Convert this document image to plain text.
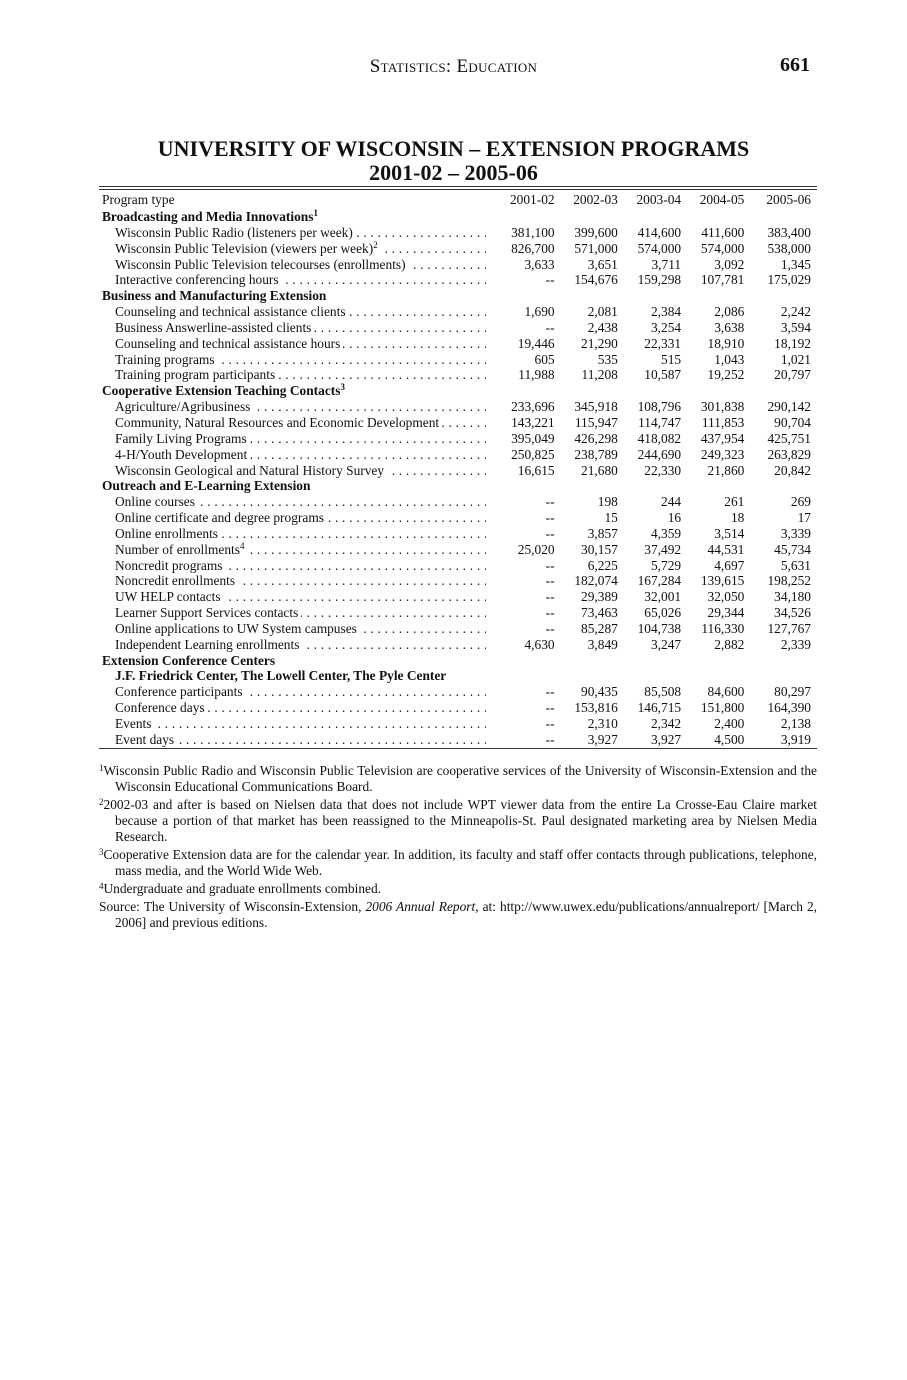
Statistics: Education	661
UNIVERSITY OF WISCONSIN – EXTENSION PROGRAMS
2001-02 – 2005-06
Program type	2001-02	2002-03	2003-04	2004-05	2005-06
Broadcasting and Media Innovations$^1$

Wisconsin Public Radio (listeners per week) . . .	381,100	399,600	414,600	411,600	383,400

Wisconsin Public Television (viewers per week)$^2$ . . .	826,700	571,000	574,000	574,000	538,000

Wisconsin Public Television telecourses (enrollments) . . .	3,633	3,651	3,711	3,092	1,345

Interactive conferencing hours . . .	--	154,676	159,298	107,781	175,029
Business and Manufacturing Extension					

Counseling and technical assistance clients . . .	1,690	2,081	2,384	2,086	2,242

Business Answerline-assisted clients . . .	--	2,438	3,254	3,638	3,594

Counseling and technical assistance hours . . .	19,446	21,290	22,331	18,910	18,192

Training programs . . .	605	535	515	1,043	1,021

Training program participants . . .	11,988	11,208	10,587	19,252	20,797
Cooperative Extension Teaching Contacts$^3$

Agriculture/Agribusiness . . .	233,696	345,918	108,796	301,838	290,142

Community, Natural Resources and Economic Development . . .	143,221	115,947	114,747	111,853	90,704

Family Living Programs . . .	395,049	426,298	418,082	437,954	425,751

4-H/Youth Development . . .	250,825	238,789	244,690	249,323	263,829

Wisconsin Geological and Natural History Survey . . .	16,615	21,680	22,330	21,860	20,842
Outreach and E-Learning Extension					

Online courses . . .	--	198	244	261	269

Online certificate and degree programs . . .	--	15	16	18	17

Online enrollments . . .	--	3,857	4,359	3,514	3,339

Number of enrollments$^4$ . . .	25,020	30,157	37,492	44,531	45,734

Noncredit programs . . .	--	6,225	5,729	4,697	5,631

Noncredit enrollments . . .	--	182,074	167,284	139,615	198,252

UW HELP contacts . . .	--	29,389	32,001	32,050	34,180

Learner Support Services contacts . . .	--	73,463	65,026	29,344	34,526

Online applications to UW System campuses . . .	--	85,287	104,738	116,330	127,767

Independent Learning enrollments . . .	4,630	3,849	3,247	2,882	2,339
Extension Conference Centers					
J.F. Friedrick Center, The Lowell Center, The Pyle Center					

Conference participants . . .	--	90,435	85,508	84,600	80,297

Conference days . . .	--	153,816	146,715	151,800	164,390

Events . . .	--	2,310	2,342	2,400	2,138

Event days . . .	--	3,927	3,927	4,500	3,919
$^1$Wisconsin Public Radio and Wisconsin Public Television are cooperative services of the University of Wisconsin-Extension and the Wisconsin Educational Communications Board.
$^2$2002-03 and after is based on Nielsen data that does not include WPT viewer data from the entire La Crosse-Eau Claire market because a portion of that market has been reassigned to the Minneapolis-St. Paul designated marketing area by Nielsen Media Research.
$^3$Cooperative Extension data are for the calendar year. In addition, its faculty and staff offer contacts through publications, telephone, mass media, and the World Wide Web.
$^4$Undergraduate and graduate enrollments combined.
Source: The University of Wisconsin-Extension, 2006 Annual Report, at: http://www.uwex.edu/publications/annualreport/ [March 2, 2006] and previous editions.
